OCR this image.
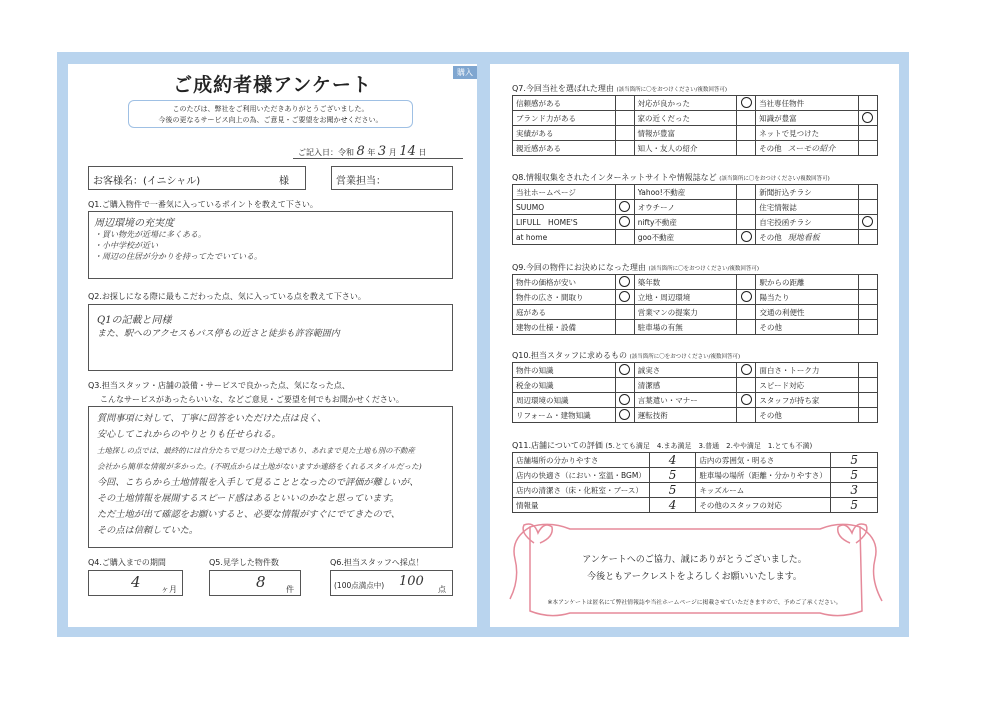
ご成約者様アンケート
購入
このたびは、弊社をご利用いただきありがとうございました。
今後の更なるサービス向上の為、ご意見・ご要望をお聞かせください。
ご記入日：令和 8 年 3 月 14 日
お客様名：(イニシャル)	様	営業担当：
Q1.ご購入物件で一番気に入っているポイントを教えて下さい。
周辺環境の充実度
・買い物先が近場に多くある。
・小中学校が近い
・周辺の住居が分かりを持ってたでいている。
Q2.お探しになる際に最もこだわった点、気に入っている点を教えて下さい。
Q1の記載と同様
また、駅へのアクセスもバス停もの近さと徒歩も許容範囲内
Q3.担当スタッフ・店舗の設備・サービスで良かった点、気になった点、
こんなサービスがあったらいいな、などご意見・ご要望を何でもお聞かせください。
質問事項に対して、丁寧に回答をいただけた点は良く、
安心してこれからのやりとりも任せられる。
土地探しの点では、最終的には自分たちで見つけた土地であり、あれまで見た土地も別の不動産
会社から簡単な情報が多かった。(不明点からは土地がないますか連絡をくれるスタイルだった)
今回、こちらから土地情報を入手して見ることとなったので評価が難しいが、
その土地情報を展開するスピード感はあるといいのかなと思っています。
ただ土地が出て確認をお願いすると、必要な情報がすぐにでてきたので、
その点は信頼していた。
Q4.ご購入までの期間
4	ヶ月
Q5.見学した物件数
8	件
Q6.担当スタッフへ採点！
(100点満点中) 100
点
Q7.今回当社を選ばれた理由 (該当箇所に〇をおつけください/複数回答可)
信頼感がある		対応が良かった		当社専任物件	
ブランド力がある		家の近くだった		知識が豊富	
実績がある		情報が豊富		ネットで見つけた	
親近感がある		知人・友人の紹介		その他 スーモの紹介	
Q8.情報収集をされたインターネットサイトや情報誌など (該当箇所に〇をおつけください/複数回答可)
当社ホームページ		Yahoo!不動産		新聞折込チラシ	
SUUMO		オウチーノ		住宅情報誌	
LIFULL　HOME'S		nifty不動産		自宅投函チラシ	
at home		goo不動産		その他 現地看板	
Q9.今回の物件にお決めになった理由 (該当箇所に〇をおつけください/複数回答可)
物件の価格が安い		築年数		駅からの距離	
物件の広さ・間取り		立地・周辺環境		陽当たり	
庭がある		営業マンの提案力		交通の利便性	
建物の仕様・設備		駐車場の有無		その他	
Q10.担当スタッフに求めるもの (該当箇所に〇をおつけください/複数回答可)
物件の知識		誠実さ		面白さ・トーク力	
税金の知識		清潔感		スピード対応	
周辺環境の知識		言葉遣い・マナー		スタッフが持ち家	
リフォーム・建物知識		運転技術		その他	
Q11.店舗についての評価 (5.とても満足　4.まあ満足　3.普通　2.やや満足　1.とても不満)
店舗場所の分かりやすさ	4	店内の雰囲気・明るさ	5
店内の快適さ（におい・室温・BGM）	5	駐車場の場所（距離・分かりやすさ）	5
店内の清潔さ（床・化粧室・ブース）	5	キッズルーム	3
情報量	4	その他のスタッフの対応	5
アンケートへのご協力、誠にありがとうございました。
今後ともアークレストをよろしくお願いいたします。
※本アンケートは匿名にて弊社情報誌や当社ホームページに掲載させていただきますので、予めご了承ください。
